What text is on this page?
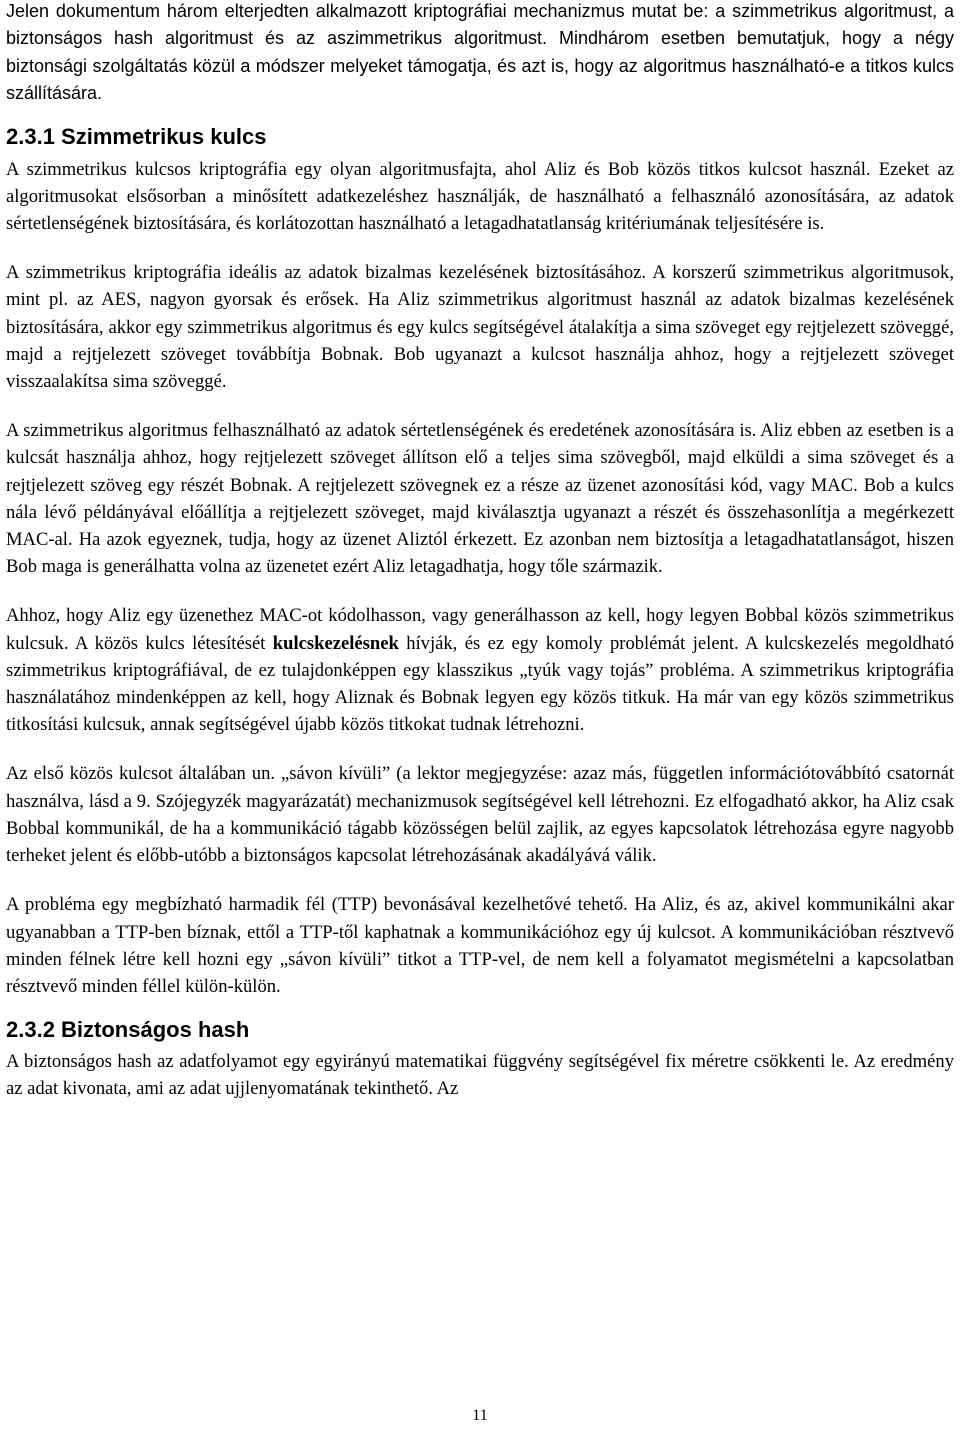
Jelen dokumentum három elterjedten alkalmazott kriptográfiai mechanizmus mutat be: a szimmetrikus algoritmust, a biztonságos hash algoritmust és az aszimmetrikus algoritmust. Mindhárom esetben bemutatjuk, hogy a négy biztonsági szolgáltatás közül a módszer melyeket támogatja, és azt is, hogy az algoritmus használható-e a titkos kulcs szállítására.

2.3.1 Szimmetrikus kulcs

A szimmetrikus kulcsos kriptográfia egy olyan algoritmusfajta, ahol Aliz és Bob közös titkos kulcsot használ. Ezeket az algoritmusokat elsősorban a minősített adatkezeléshez használják, de használható a felhasználó azonosítására, az adatok sértetlenségének biztosítására, és korlátozottan használható a letagadhatatlanság kritériumának teljesítésére is.

A szimmetrikus kriptográfia ideális az adatok bizalmas kezelésének biztosításához. A korszerű szimmetrikus algoritmusok, mint pl. az AES, nagyon gyorsak és erősek. Ha Aliz szimmetrikus algoritmust használ az adatok bizalmas kezelésének biztosítására, akkor egy szimmetrikus algoritmus és egy kulcs segítségével átalakítja a sima szöveget egy rejtjelezett szöveggé, majd a rejtjelezett szöveget továbbítja Bobnak. Bob ugyanazt a kulcsot használja ahhoz, hogy a rejtjelezett szöveget visszaalakítsa sima szöveggé.

A szimmetrikus algoritmus felhasználható az adatok sértetlenségének és eredetének azonosítására is. Aliz ebben az esetben is a kulcsát használja ahhoz, hogy rejtjelezett szöveget állítson elő a teljes sima szövegből, majd elküldi a sima szöveget és a rejtjelezett szöveg egy részét Bobnak. A rejtjelezett szövegnek ez a része az üzenet azonosítási kód, vagy MAC. Bob a kulcs nála lévő példányával előállítja a rejtjelezett szöveget, majd kiválasztja ugyanazt a részét és összehasonlítja a megérkezett MAC-al. Ha azok egyeznek, tudja, hogy az üzenet Aliztól érkezett. Ez azonban nem biztosítja a letagadhatatlanságot, hiszen Bob maga is generálhatta volna az üzenetet ezért Aliz letagadhatja, hogy tőle származik.

Ahhoz, hogy Aliz egy üzenethez MAC-ot kódolhasson, vagy generálhasson az kell, hogy legyen Bobbal közös szimmetrikus kulcsuk. A közös kulcs létesítését kulcskezelésnek hívják, és ez egy komoly problémát jelent. A kulcskezelés megoldható szimmetrikus kriptográfiával, de ez tulajdonképpen egy klasszikus „tyúk vagy tojás” probléma. A szimmetrikus kriptográfia használatához mindenképpen az kell, hogy Aliznak és Bobnak legyen egy közös titkuk. Ha már van egy közös szimmetrikus titkosítási kulcsuk, annak segítségével újabb közös titkokat tudnak létrehozni.

Az első közös kulcsot általában un. „sávon kívüli” (a lektor megjegyzése: azaz más, független információtovábbító csatornát használva, lásd a 9. Szójegyzék magyarázatát) mechanizmusok segítségével kell létrehozni. Ez elfogadható akkor, ha Aliz csak Bobbal kommunikál, de ha a kommunikáció tágabb közösségen belül zajlik, az egyes kapcsolatok létrehozása egyre nagyobb terheket jelent és előbb-utóbb a biztonságos kapcsolat létrehozásának akadályává válik.

A probléma egy megbízható harmadik fél (TTP) bevonásával kezelhetővé tehető. Ha Aliz, és az, akivel kommunikálni akar ugyanabban a TTP-ben bíznak, ettől a TTP-től kaphatnak a kommunikációhoz egy új kulcsot. A kommunikációban résztvevő minden félnek létre kell hozni egy „sávon kívüli” titkot a TTP-vel, de nem kell a folyamatot megismételni a kapcsolatban résztvevő minden féllel külön-külön.

2.3.2 Biztonságos hash

A biztonságos hash az adatfolyamot egy egyirányú matematikai függvény segítségével fix méretre csökkenti le. Az eredmény az adat kivonata, ami az adat ujjlenyomatának tekinthető. Az

11
